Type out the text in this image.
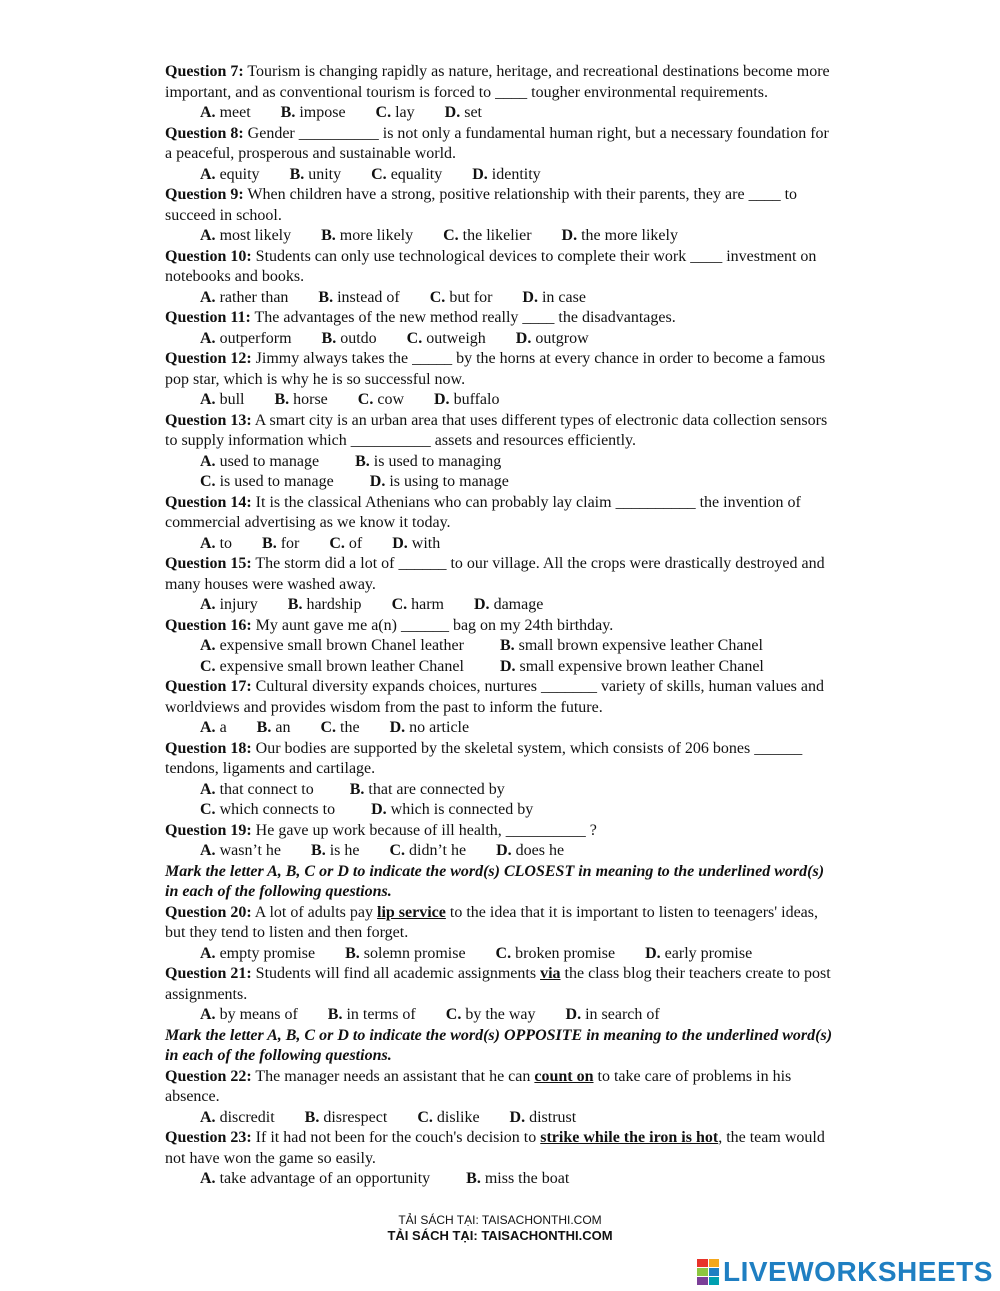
Question 7: Tourism is changing rapidly as nature, heritage, and recreational destinations become more important, and as conventional tourism is forced to ____ tougher environmental requirements.
A. meet B. impose C. lay D. set
Question 8: Gender __________ is not only a fundamental human right, but a necessary foundation for a peaceful, prosperous and sustainable world.
A. equity B. unity C. equality D. identity
Question 9: When children have a strong, positive relationship with their parents, they are ____ to succeed in school.
A. most likely B. more likely C. the likelier D. the more likely
Question 10: Students can only use technological devices to complete their work ____ investment on notebooks and books.
A. rather than B. instead of C. but for D. in case
Question 11: The advantages of the new method really ____ the disadvantages.
A. outperform B. outdo C. outweigh D. outgrow
Question 12: Jimmy always takes the _____ by the horns at every chance in order to become a famous pop star, which is why he is so successful now.
A. bull B. horse C. cow D. buffalo
Question 13: A smart city is an urban area that uses different types of electronic data collection sensors to supply information which __________ assets and resources efficiently.
A. used to manage B. is used to managing
C. is used to manage D. is using to manage
Question 14: It is the classical Athenians who can probably lay claim __________ the invention of commercial advertising as we know it today.
A. to B. for C. of D. with
Question 15: The storm did a lot of ______ to our village. All the crops were drastically destroyed and many houses were washed away.
A. injury B. hardship C. harm D. damage
Question 16: My aunt gave me a(n) ______ bag on my 24th birthday.
A. expensive small brown Chanel leather B. small brown expensive leather Chanel
C. expensive small brown leather Chanel D. small expensive brown leather Chanel
Question 17: Cultural diversity expands choices, nurtures _______ variety of skills, human values and worldviews and provides wisdom from the past to inform the future.
A. a B. an C. the D. no article
Question 18: Our bodies are supported by the skeletal system, which consists of 206 bones ______ tendons, ligaments and cartilage.
A. that connect to B. that are connected by
C. which connects to D. which is connected by
Question 19: He gave up work because of ill health, __________ ?
A. wasn’t he B. is he C. didn’t he D. does he
Mark the letter A, B, C or D to indicate the word(s) CLOSEST in meaning to the underlined word(s) in each of the following questions.
Question 20: A lot of adults pay lip service to the idea that it is important to listen to teenagers' ideas, but they tend to listen and then forget.
A. empty promise B. solemn promise C. broken promise D. early promise
Question 21: Students will find all academic assignments via the class blog their teachers create to post assignments.
A. by means of B. in terms of C. by the way D. in search of
Mark the letter A, B, C or D to indicate the word(s) OPPOSITE in meaning to the underlined word(s) in each of the following questions.
Question 22: The manager needs an assistant that he can count on to take care of problems in his absence.
A. discredit B. disrespect C. dislike D. distrust
Question 23: If it had not been for the couch's decision to strike while the iron is hot, the team would not have won the game so easily.
A. take advantage of an opportunity B. miss the boat
TẢI SÁCH TẠI: TAISACHONTHI.COM
TẢI SÁCH TẠI: TAISACHONTHI.COM
LIVEWORKSHEETS
